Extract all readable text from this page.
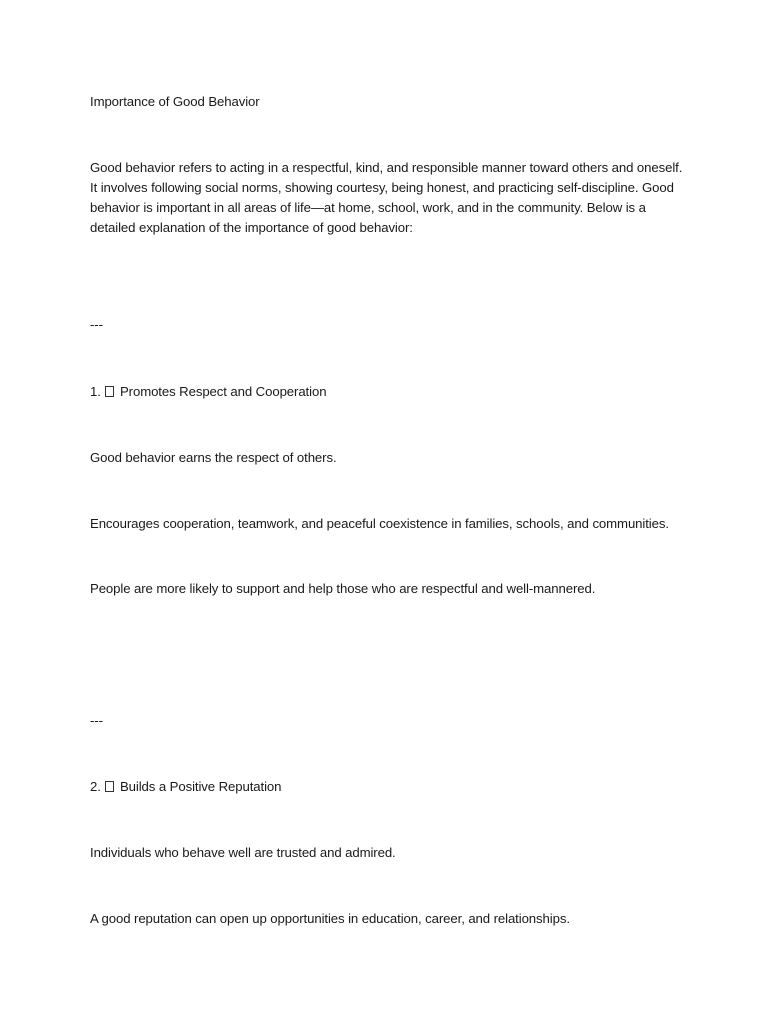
Importance of Good Behavior

Good behavior refers to acting in a respectful, kind, and responsible manner toward others and oneself.

It involves following social norms, showing courtesy, being honest, and practicing self-discipline. Good

behavior is important in all areas of life—at home, school, work, and in the community. Below is a

detailed explanation of the importance of good behavior:

---

1. Promotes Respect and Cooperation

Good behavior earns the respect of others.

Encourages cooperation, teamwork, and peaceful coexistence in families, schools, and communities.

People are more likely to support and help those who are respectful and well-mannered.

---

2. Builds a Positive Reputation

Individuals who behave well are trusted and admired.

A good reputation can open up opportunities in education, career, and relationships.
